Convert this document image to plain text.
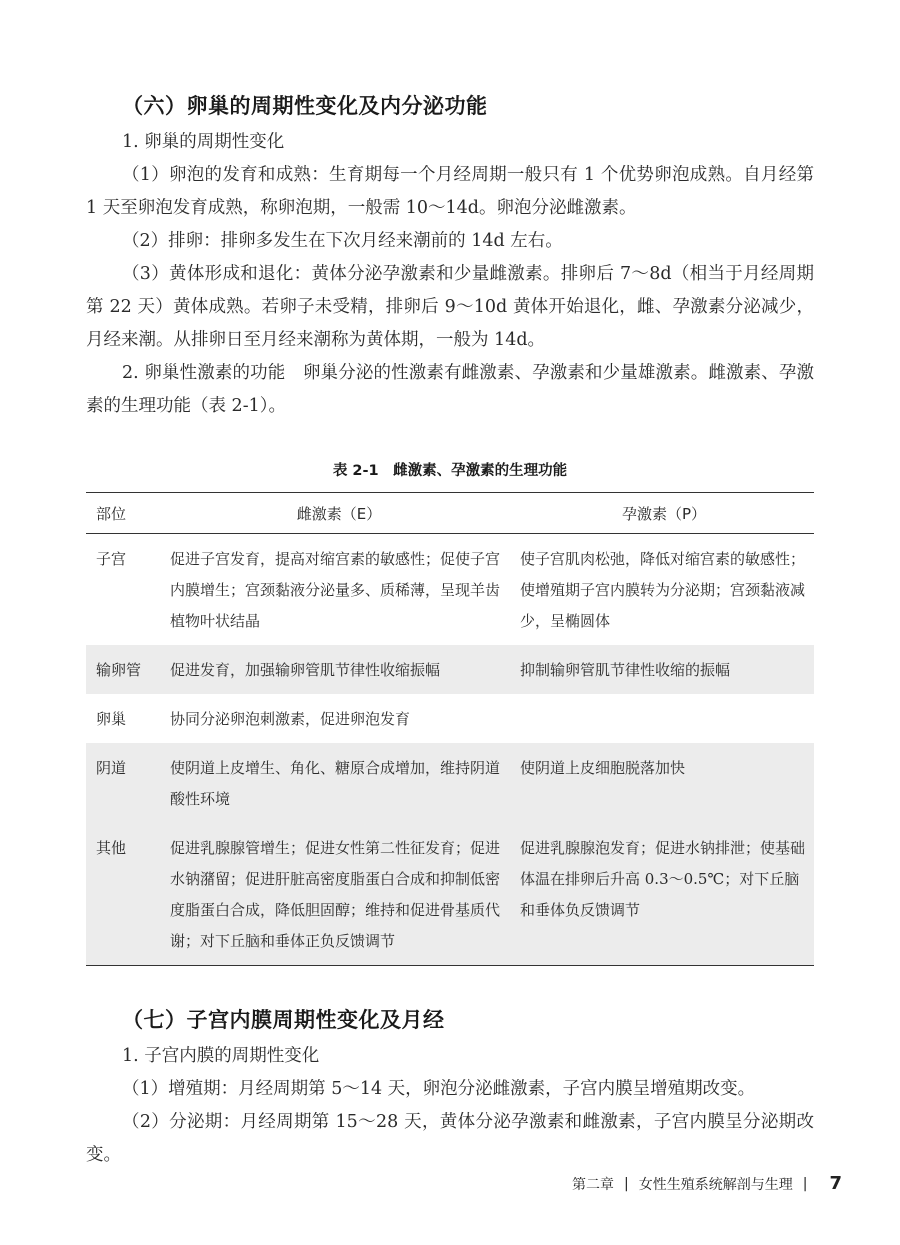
（六）卵巢的周期性变化及内分泌功能
1. 卵巢的周期性变化

（1）卵泡的发育和成熟：生育期每一个月经周期一般只有 1 个优势卵泡成熟。自月经第 1 天至卵泡发育成熟，称卵泡期，一般需 10～14d。卵泡分泌雌激素。

（2）排卵：排卵多发生在下次月经来潮前的 14d 左右。

（3）黄体形成和退化：黄体分泌孕激素和少量雌激素。排卵后 7～8d（相当于月经周期第 22 天）黄体成熟。若卵子未受精，排卵后 9～10d 黄体开始退化，雌、孕激素分泌减少，月经来潮。从排卵日至月经来潮称为黄体期，一般为 14d。

2. 卵巢性激素的功能　卵巢分泌的性激素有雌激素、孕激素和少量雄激素。雌激素、孕激素的生理功能（表 2-1）。

表 2-1　雌激素、孕激素的生理功能
部位	雌激素（E）	孕激素（P）
子宫	促进子宫发育，提高对缩宫素的敏感性；促使子宫内膜增生；宫颈黏液分泌量多、质稀薄，呈现羊齿植物叶状结晶	使子宫肌肉松弛，降低对缩宫素的敏感性；使增殖期子宫内膜转为分泌期；宫颈黏液减少，呈椭圆体
输卵管	促进发育，加强输卵管肌节律性收缩振幅	抑制输卵管肌节律性收缩的振幅
卵巢	协同分泌卵泡刺激素，促进卵泡发育	
阴道	使阴道上皮增生、角化、糖原合成增加，维持阴道酸性环境	使阴道上皮细胞脱落加快
其他	促进乳腺腺管增生；促进女性第二性征发育；促进水钠潴留；促进肝脏高密度脂蛋白合成和抑制低密度脂蛋白合成，降低胆固醇；维持和促进骨基质代谢；对下丘脑和垂体正负反馈调节	促进乳腺腺泡发育；促进水钠排泄；使基础体温在排卵后升高 0.3～0.5℃；对下丘脑和垂体负反馈调节
（七）子宫内膜周期性变化及月经
1. 子宫内膜的周期性变化

（1）增殖期：月经周期第 5～14 天，卵泡分泌雌激素，子宫内膜呈增殖期改变。

（2）分泌期：月经周期第 15～28 天，黄体分泌孕激素和雌激素，子宫内膜呈分泌期改变。

第二章 | 女性生殖系统解剖与生理 | 7
